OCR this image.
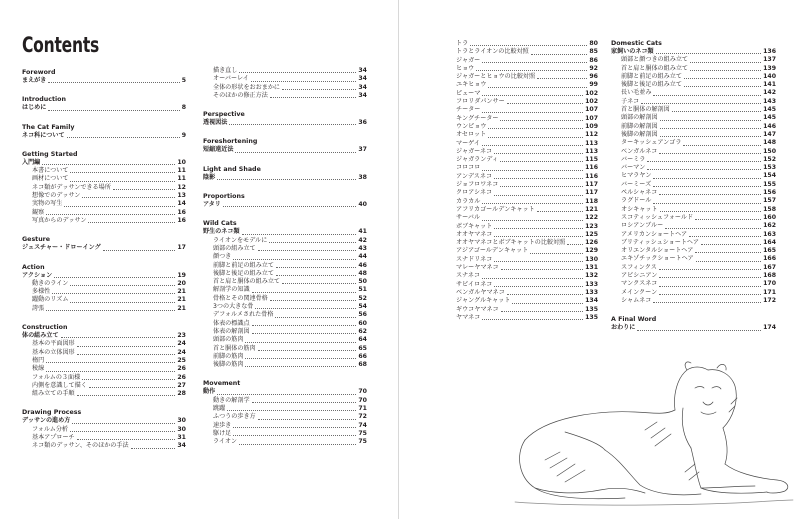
Contents
Foreword
まえがき	5
Introduction
はじめに	8
The Cat Family
ネコ科について	9
Getting Started
入門編	10
本書について	11
画材について	11
ネコ類がデッサンできる場所	12
想像でのデッサン	13
実物の写生	14
観察	16
写真からのデッサン	16
Gesture
ジェスチャー・ドローイング	17
Action
アクション	19
動きのライン	20
多様性	21
躍動のリズム	21
誇張	21
Construction
体の組み立て	23
基本の平面図形	24
基本の立体図形	24
楕円	25
稜線	26
フォルムの３面様	26
内側を意識して描く	27
組み立ての手順	28
Drawing Process
デッサンの進め方	30
フォルム分析	30
基本アプローチ	31
ネコ類のデッサン、そのほかの手法	34
描き直し	34
オーバーレイ	34
全体の形状をおおまかに	34
そのほかの修正方法	34
Perspective
透視図法	36
Foreshortening
短縮遠近法	37
Light and Shade
陰影	38
Proportions
アタリ	40
Wild Cats
野生のネコ類	41
ライオンをモデルに	42
頭部の組み立て	43
顔つき	44
前脚と前足の組み立て	46
後脚と後足の組み立て	48
首と肩と胴体の組み立て	50
解剖学の知識	51
骨格とその関連骨格	52
3つの大きな骨	54
デフォルメされた骨格	56
体表の標識点	60
体表の解剖図	62
頭部の筋肉	64
首と胴体の筋肉	65
前脚の筋肉	66
後脚の筋肉	68
Movement
動作	70
動きの解剖学	70
跳躍	71
ふつうの歩き方	72
速歩き	74
駆け足	75
ライオン	75
トラ	80
トラとライオンの比較対照	85
ジャガー	86
ヒョウ	92
ジャガーとヒョウの比較対照	96
ユキヒョウ	99
ピューマ	102
フロリダパンサー	102
チーター	107
キングチーター	107
ウンピョウ	109
オセロット	112
マーゲイ	113
ジャガーネコ	113
ジャガランディ	115
コロコロ	116
アンデスネコ	116
ジョフロワネコ	117
クロアシネコ	117
カラカル	118
アフリカゴールデンキャット	121
サーバル	122
ボブキャット	123
オオヤマネコ	125
オオヤマネコとボブキャットの比較対照	126
アジアゴールデンキャット	129
スナドリネコ	130
マレーヤマネコ	131
スナネコ	132
サビイロネコ	133
ベンガルヤマネコ	133
ジャングルキャット	134
ギウコヤマネコ	135
ヤマネコ	135
Domestic Cats
家飼いのネコ類	136
頭部と顔つきの組み立て	137
首と肩と胴体の組み立て	139
前脚と前足の組み立て	140
後脚と後足の組み立て	141
長い毛並み	142
子ネコ	143
首と胴体の解剖図	145
頭部の解剖図	145
前脚の解剖図	146
後脚の解剖図	147
ターキッシュアンゴラ	148
ベンガルネコ	150
バーミラ	152
バーマン	153
ヒマラヤン	154
バーミーズ	155
ペルシャネコ	156
ラグドール	157
オシキャット	158
スコティッシュフォールド	160
ロシアンブルー	162
アメリカンショートヘア	163
ブリティッシュショートヘア	164
オリエンタルショートヘア	165
エキゾチックショートヘア	166
スフィンクス	167
アビシニアン	168
マンクスネコ	170
メインクーン	171
シャムネコ	172
A Final Word
おわりに	174
